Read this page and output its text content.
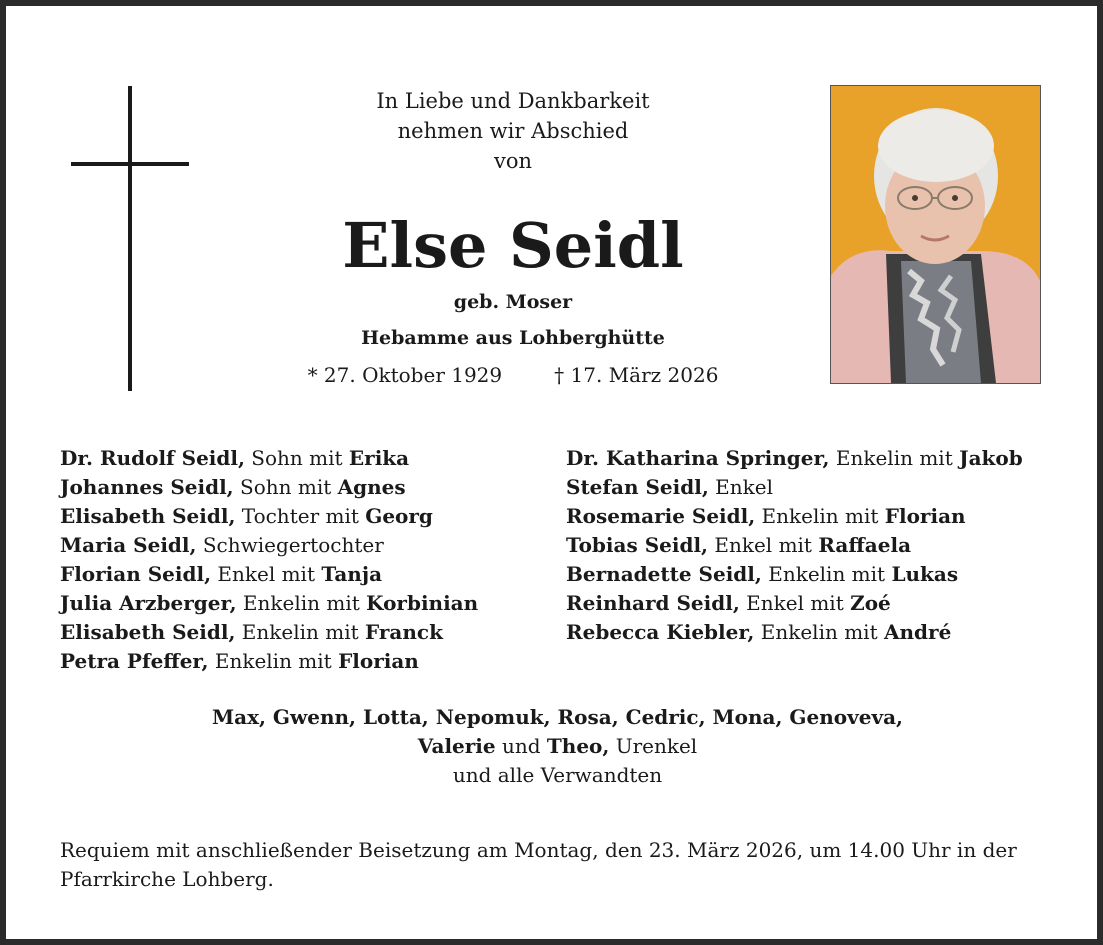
In Liebe und Dankbarkeit
nehmen wir Abschied
von
Else Seidl
geb. Moser
Hebamme aus Lohberghütte
* 27. Oktober 1929	† 17. März 2026
Dr. Rudolf Seidl, Sohn mit Erika
Johannes Seidl, Sohn mit Agnes
Elisabeth Seidl, Tochter mit Georg
Maria Seidl, Schwiegertochter
Florian Seidl, Enkel mit Tanja
Julia Arzberger, Enkelin mit Korbinian
Elisabeth Seidl, Enkelin mit Franck
Petra Pfeffer, Enkelin mit Florian
Dr. Katharina Springer, Enkelin mit Jakob
Stefan Seidl, Enkel
Rosemarie Seidl, Enkelin mit Florian
Tobias Seidl, Enkel mit Raffaela
Bernadette Seidl, Enkelin mit Lukas
Reinhard Seidl, Enkel mit Zoé
Rebecca Kiebler, Enkelin mit André
Max, Gwenn, Lotta, Nepomuk, Rosa, Cedric, Mona, Genoveva,
Valerie und Theo, Urenkel
und alle Verwandten
Requiem mit anschließender Beisetzung am Montag, den 23. März 2026, um 14.00 Uhr in der Pfarrkirche Lohberg.
